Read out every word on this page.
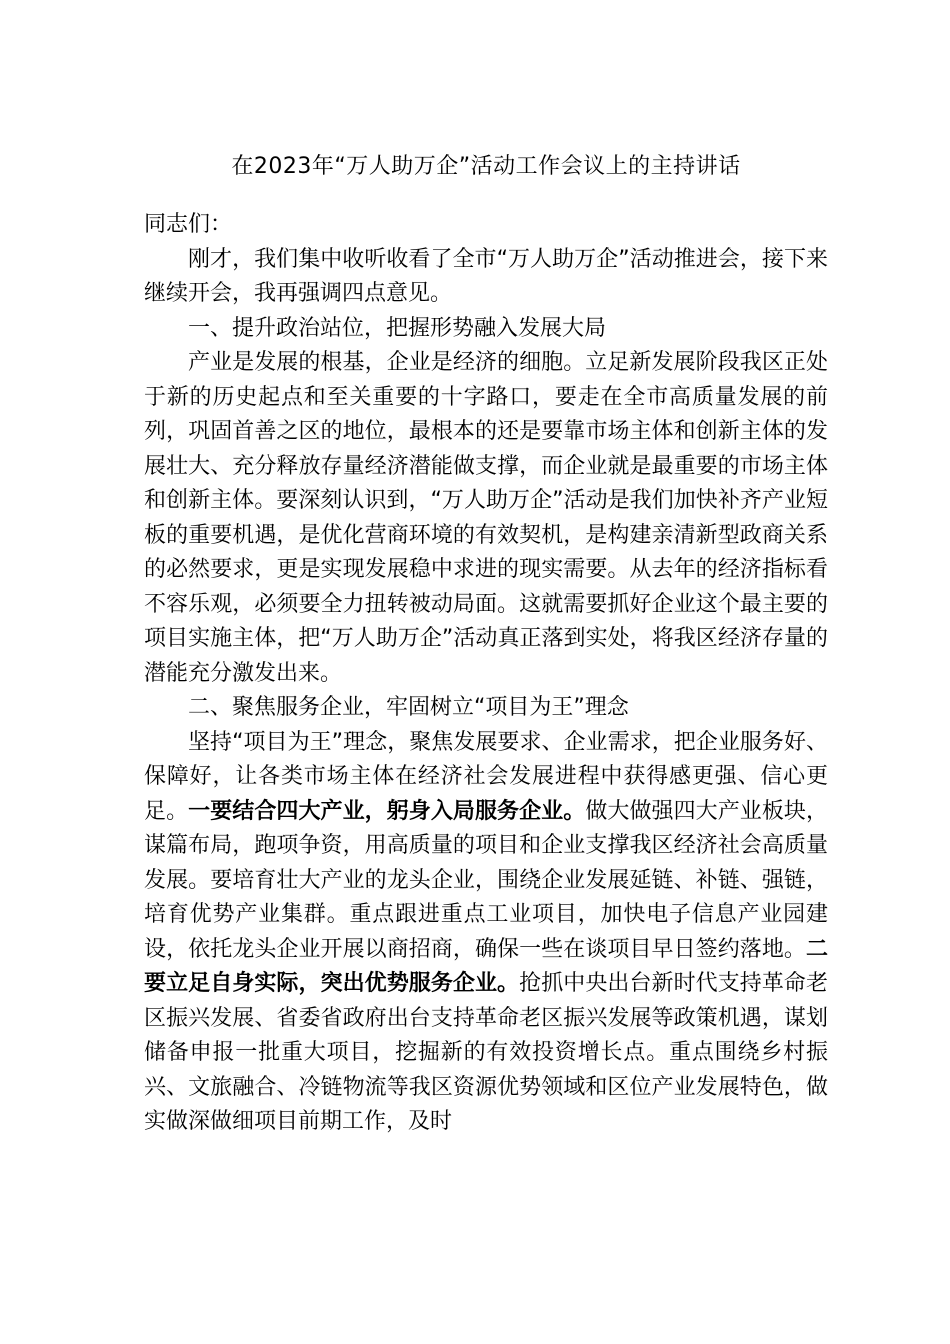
在2023年“万人助万企”活动工作会议上的主持讲话

同志们：

刚才，我们集中收听收看了全市“万人助万企”活动推进会，接下来继续开会，我再强调四点意见。

一、提升政治站位，把握形势融入发展大局

产业是发展的根基，企业是经济的细胞。立足新发展阶段我区正处于新的历史起点和至关重要的十字路口，要走在全市高质量发展的前列，巩固首善之区的地位，最根本的还是要靠市场主体和创新主体的发展壮大、充分释放存量经济潜能做支撑，而企业就是最重要的市场主体和创新主体。要深刻认识到，“万人助万企”活动是我们加快补齐产业短板的重要机遇，是优化营商环境的有效契机，是构建亲清新型政商关系的必然要求，更是实现发展稳中求进的现实需要。从去年的经济指标看不容乐观，必须要全力扭转被动局面。这就需要抓好企业这个最主要的项目实施主体，把“万人助万企”活动真正落到实处，将我区经济存量的潜能充分激发出来。

二、聚焦服务企业，牢固树立“项目为王”理念

坚持“项目为王”理念，聚焦发展要求、企业需求，把企业服务好、保障好，让各类市场主体在经济社会发展进程中获得感更强、信心更足。一要结合四大产业，躬身入局服务企业。做大做强四大产业板块，谋篇布局，跑项争资，用高质量的项目和企业支撑我区经济社会高质量发展。要培育壮大产业的龙头企业，围绕企业发展延链、补链、强链，培育优势产业集群。重点跟进重点工业项目，加快电子信息产业园建设，依托龙头企业开展以商招商，确保一些在谈项目早日签约落地。二要立足自身实际，突出优势服务企业。抢抓中央出台新时代支持革命老区振兴发展、省委省政府出台支持革命老区振兴发展等政策机遇，谋划储备申报一批重大项目，挖掘新的有效投资增长点。重点围绕乡村振兴、文旅融合、冷链物流等我区资源优势领域和区位产业发展特色，做实做深做细项目前期工作，及时
